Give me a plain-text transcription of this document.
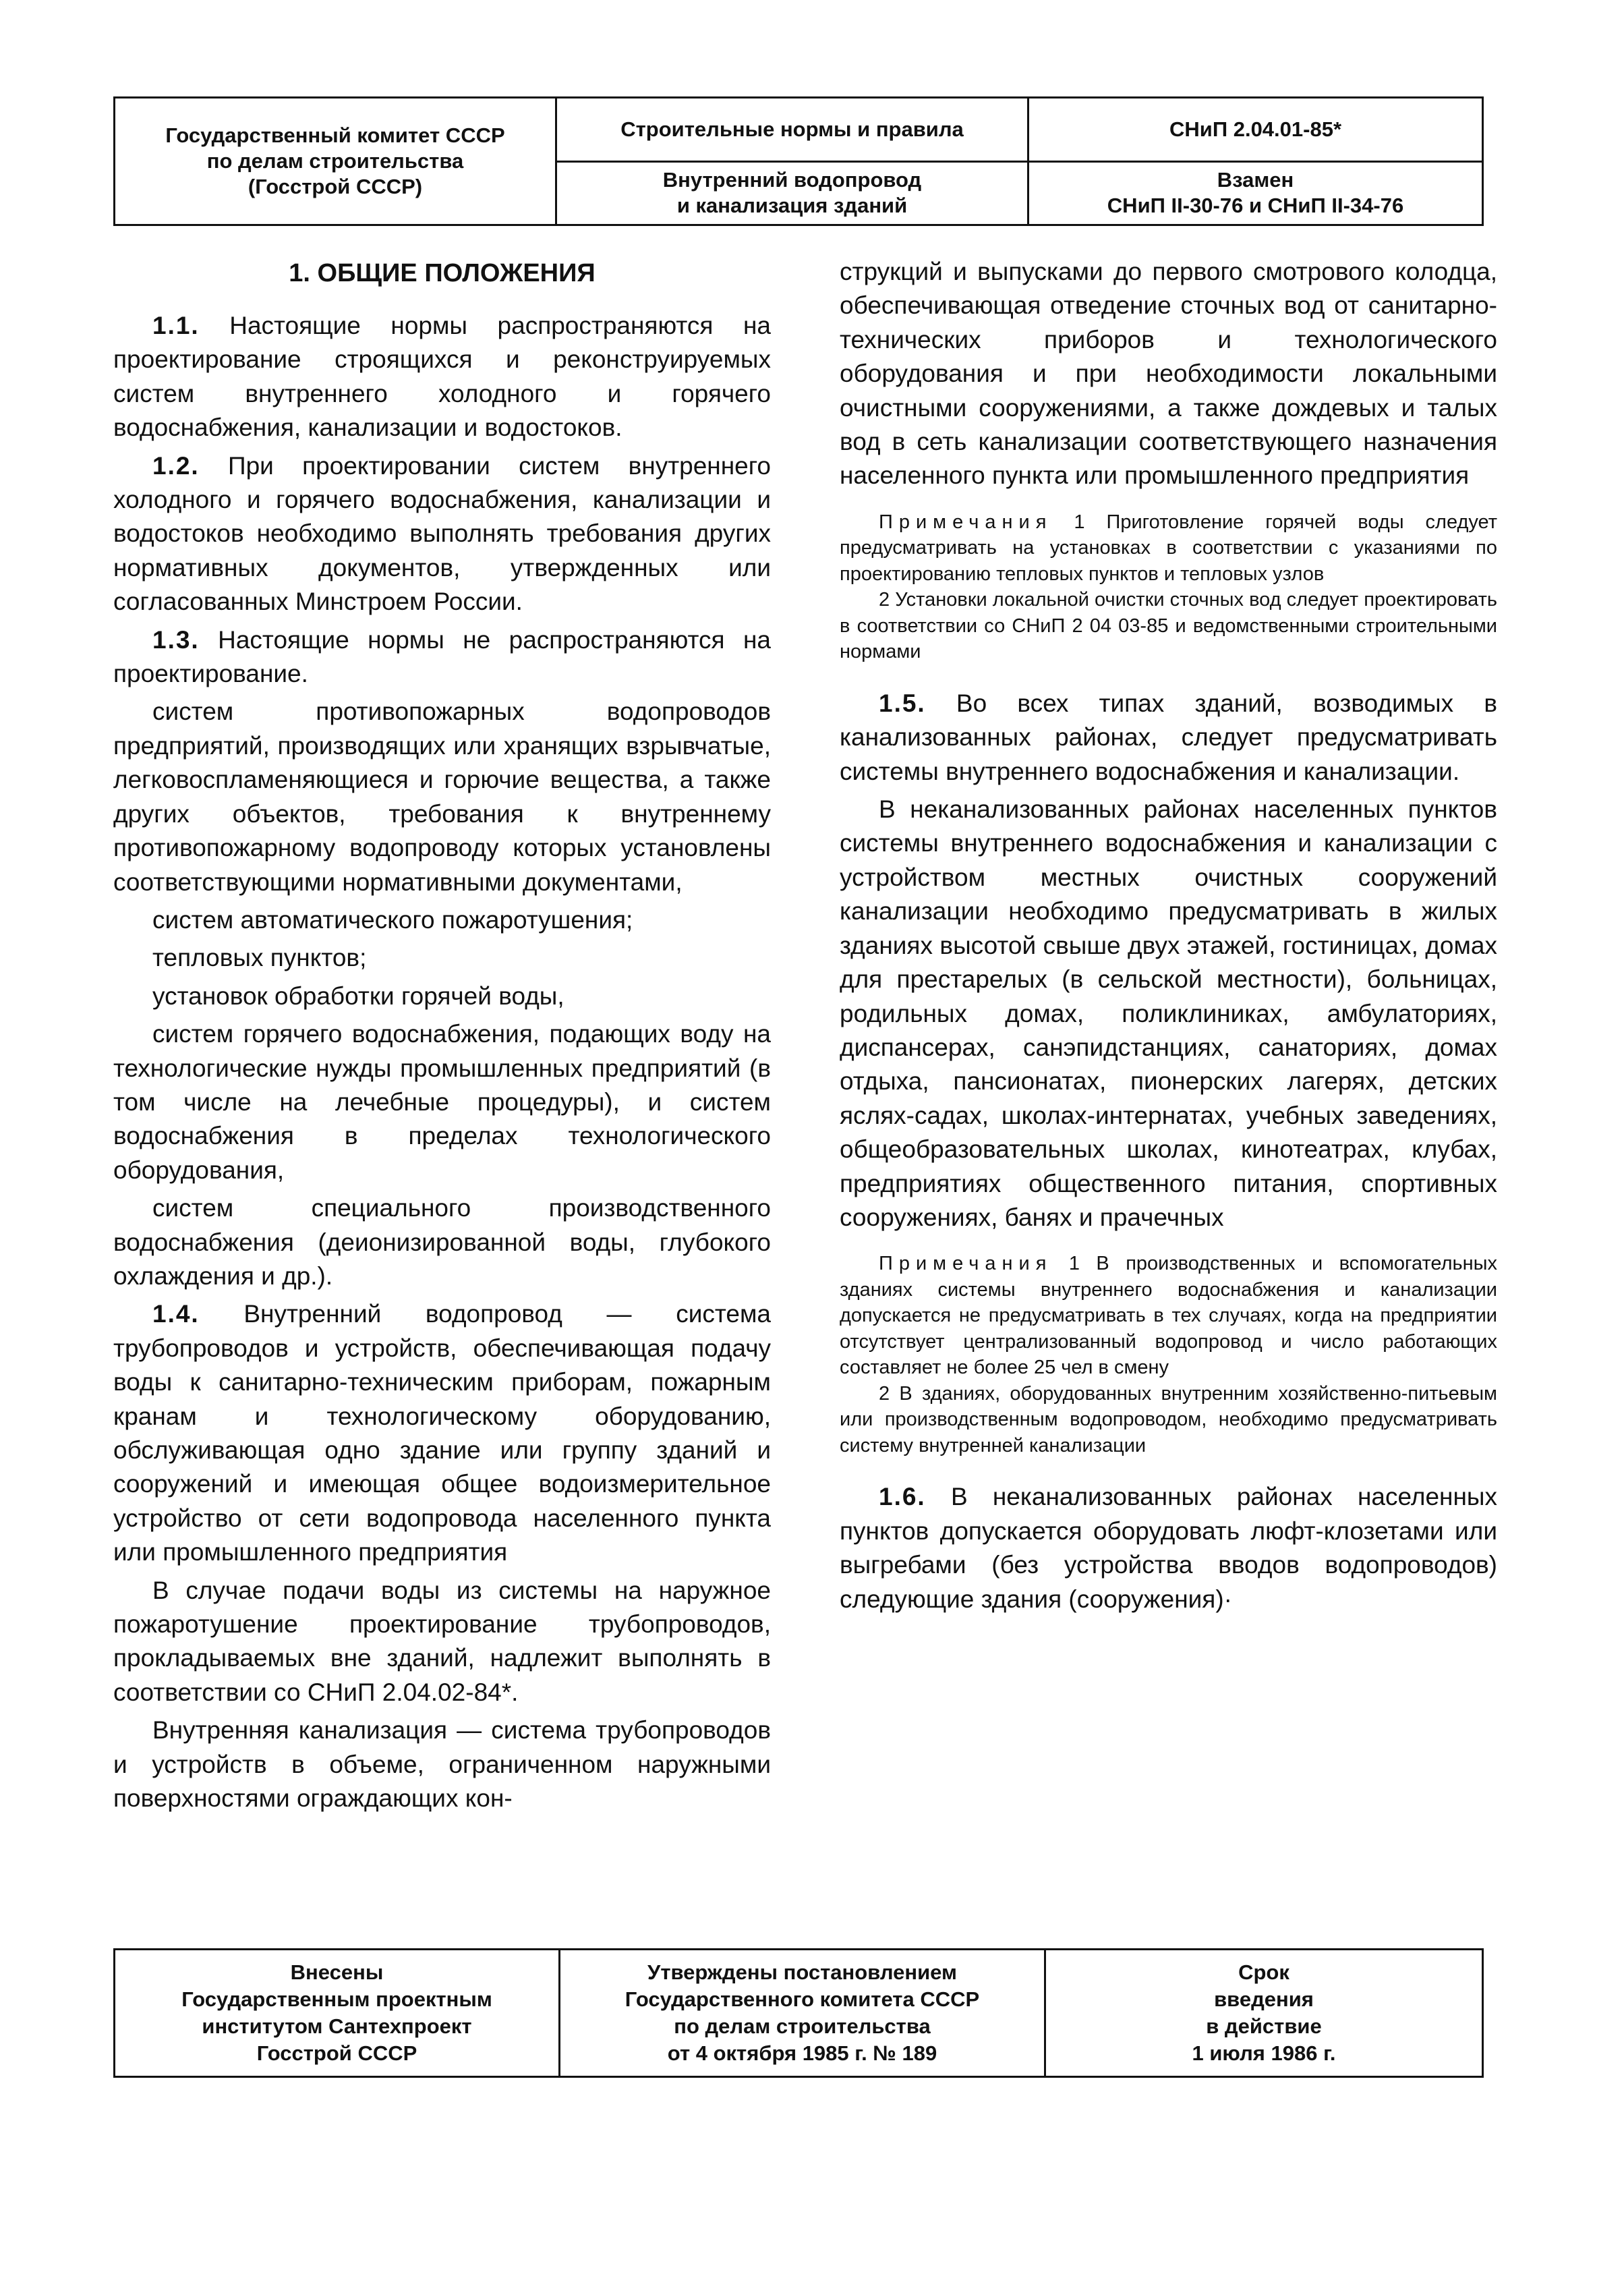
Государственный комитет СССР
по делам строительства
(Госстрой СССР)
Строительные нормы и правила
Внутренний водопровод
и канализация зданий
СНиП 2.04.01-85*
Взамен
СНиП II-30-76 и СНиП II-34-76
1. ОБЩИЕ ПОЛОЖЕНИЯ

1.1. Настоящие нормы распространяются на проектирование строящихся и реконструируемых систем внутреннего холодного и горячего водоснабжения, канализации и водостоков.

1.2. При проектировании систем внутреннего холодного и горячего водоснабжения, канализации и водостоков необходимо выполнять требования других нормативных документов, утвержденных или согласованных Минстроем России.

1.3. Настоящие нормы не распространяются на проектирование.

систем противопожарных водопроводов предприятий, производящих или хранящих взрывчатые, легковоспламеняющиеся и горючие вещества, а также других объектов, требования к внутреннему противопожарному водопроводу которых установлены соответствующими нормативными документами,

систем автоматического пожаротушения;

тепловых пунктов;

установок обработки горячей воды,

систем горячего водоснабжения, подающих воду на технологические нужды промышленных предприятий (в том числе на лечебные процедуры), и систем водоснабжения в пределах технологического оборудования,

систем специального производственного водоснабжения (деионизированной воды, глубокого охлаждения и др.).

1.4. Внутренний водопровод — система трубопроводов и устройств, обеспечивающая подачу воды к санитарно-техническим приборам, пожарным кранам и технологическому оборудованию, обслуживающая одно здание или группу зданий и сооружений и имеющая общее водоизмерительное устройство от сети водопровода населенного пункта или промышленного предприятия

В случае подачи воды из системы на наружное пожаротушение проектирование трубопроводов, прокладываемых вне зданий, надлежит выполнять в соответствии со СНиП 2.04.02-84*.

Внутренняя канализация — система трубопроводов и устройств в объеме, ограниченном наружными поверхностями ограждающих кон-

струкций и выпусками до первого смотрового колодца, обеспечивающая отведение сточных вод от санитарно-технических приборов и технологического оборудования и при необходимости локальными очистными сооружениями, а также дождевых и талых вод в сеть канализации соответствующего назначения населенного пункта или промышленного предприятия

Примечания 1 Приготовление горячей воды следует предусматривать на установках в соответствии с указаниями по проектированию тепловых пунктов и тепловых узлов

2 Установки локальной очистки сточных вод следует проектировать в соответствии со СНиП 2 04 03-85 и ведомственными строительными нормами

1.5. Во всех типах зданий, возводимых в канализованных районах, следует предусматривать системы внутреннего водоснабжения и канализации.

В неканализованных районах населенных пунктов системы внутреннего водоснабжения и канализации с устройством местных очистных сооружений канализации необходимо предусматривать в жилых зданиях высотой свыше двух этажей, гостиницах, домах для престарелых (в сельской местности), больницах, родильных домах, поликлиниках, амбулаториях, диспансерах, санэпидстанциях, санаториях, домах отдыха, пансионатах, пионерских лагерях, детских яслях-садах, школах-интернатах, учебных заведениях, общеобразовательных школах, кинотеатрах, клубах, предприятиях общественного питания, спортивных сооружениях, банях и прачечных

Примечания 1 В производственных и вспомогательных зданиях системы внутреннего водоснабжения и канализации допускается не предусматривать в тех случаях, когда на предприятии отсутствует централизованный водопровод и число работающих составляет не более 25 чел в смену

2 В зданиях, оборудованных внутренним хозяйственно-питьевым или производственным водопроводом, необходимо предусматривать систему внутренней канализации

1.6. В неканализованных районах населенных пунктов допускается оборудовать люфт-клозетами или выгребами (без устройства вводов водопроводов) следующие здания (сооружения)·

Внесены
Государственным проектным
институтом Сантехпроект
Госстрой СССР
Утверждены постановлением
Государственного комитета СССР
по делам строительства
от 4 октября 1985 г. № 189
Срок
введения
в действие
1 июля 1986 г.
